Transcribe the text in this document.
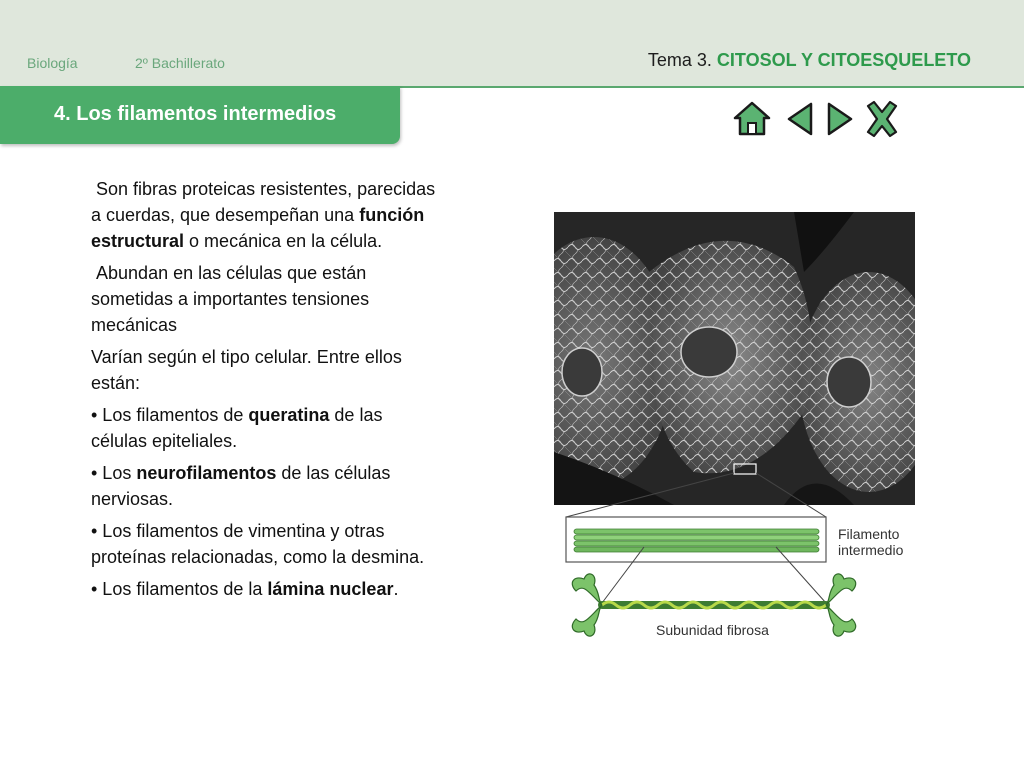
Biología	2º Bachillerato	Tema 3. CITOSOL Y CITOESQUELETO
4. Los filamentos intermedios

Son fibras proteicas resistentes, parecidas a cuerdas, que desempeñan una función estructural o mecánica en la célula.

Abundan en las células que están sometidas a importantes tensiones mecánicas

Varían según el tipo celular. Entre ellos están:

• Los filamentos de queratina de las células epiteliales.

• Los neurofilamentos de las células nerviosas.

• Los filamentos de vimentina y otras proteínas relacionadas, como la desmina.

• Los filamentos de la lámina nuclear.

Filamento
intermedio
Subunidad fibrosa
